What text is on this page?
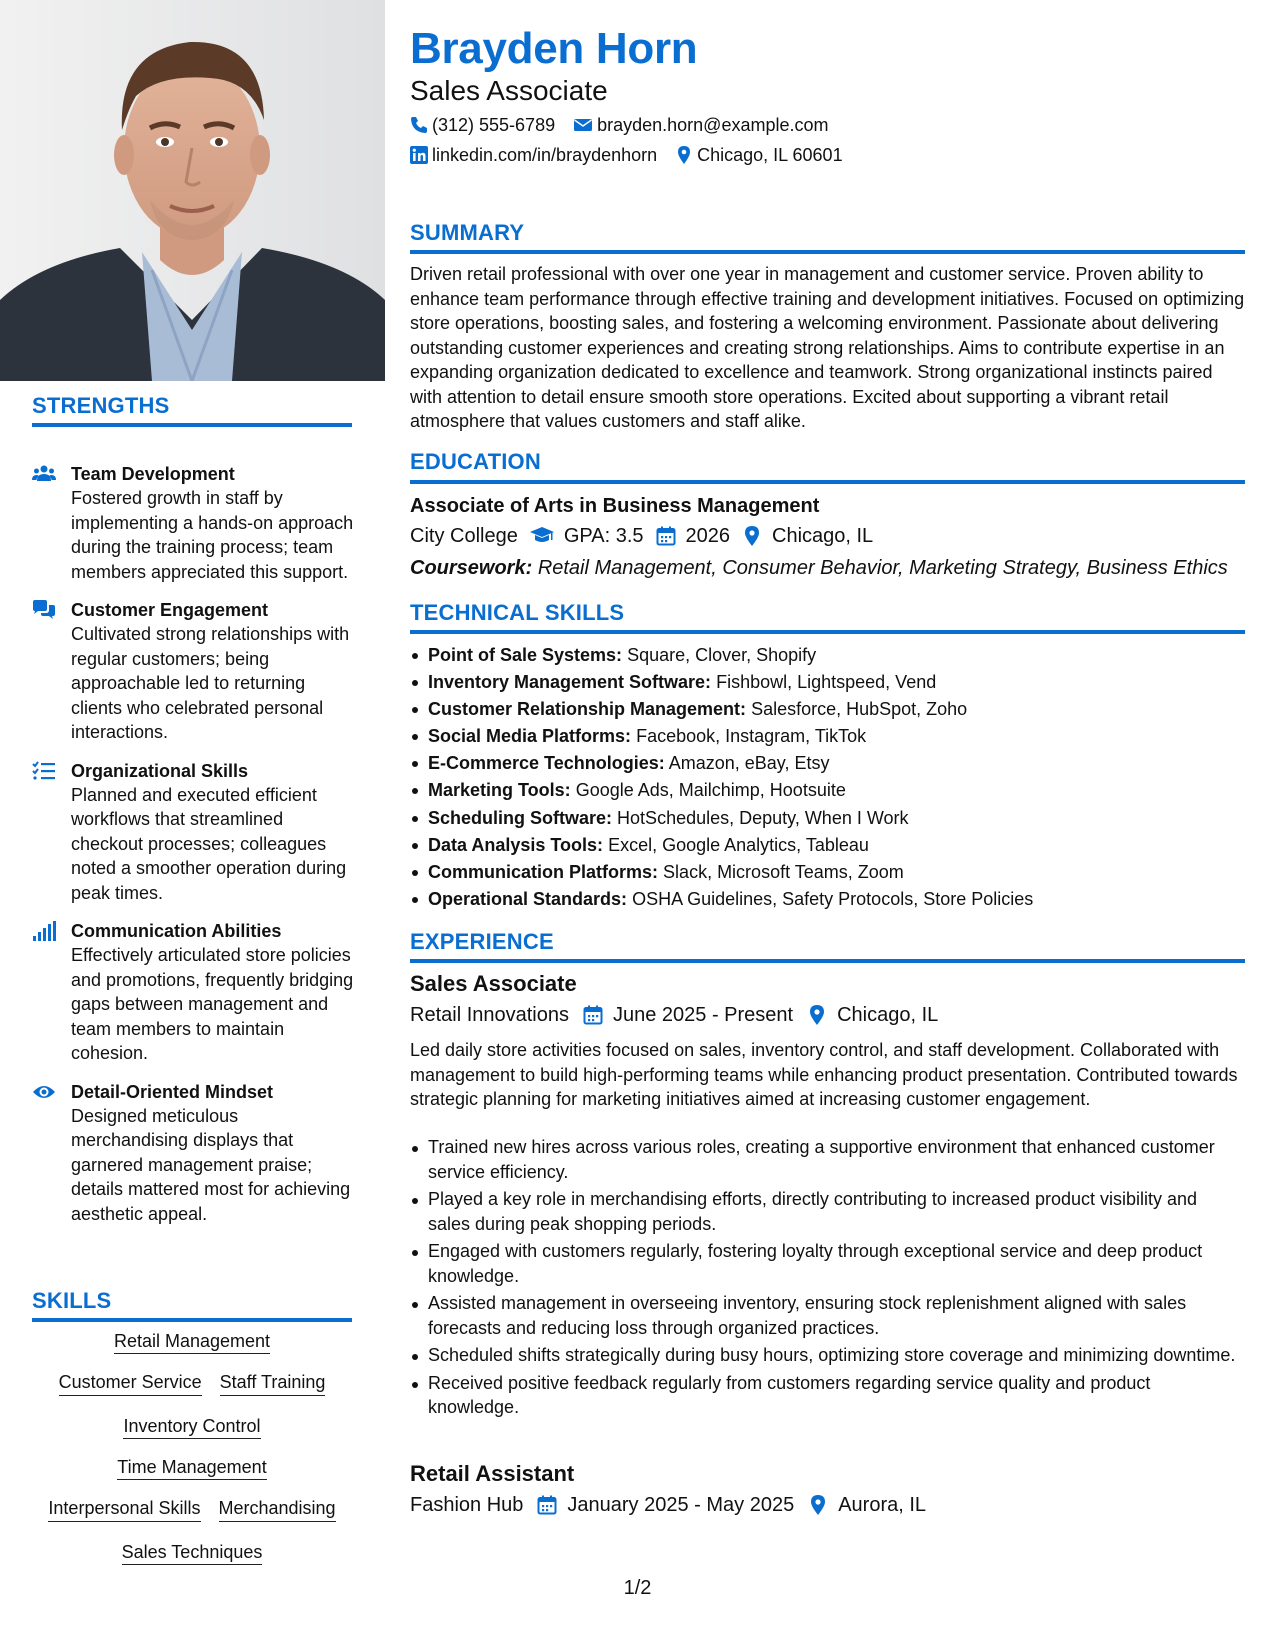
STRENGTHS
Team Development
Fostered growth in staff by implementing a hands-on approach during the training process; team members appreciated this support.
Customer Engagement
Cultivated strong relationships with regular customers; being approachable led to returning clients who celebrated personal interactions.
Organizational Skills
Planned and executed efficient workflows that streamlined checkout processes; colleagues noted a smoother operation during peak times.
Communication Abilities
Effectively articulated store policies and promotions, frequently bridging gaps between management and team members to maintain cohesion.
Detail-Oriented Mindset
Designed meticulous merchandising displays that garnered management praise; details mattered most for achieving aesthetic appeal.
SKILLS
Retail Management
Customer Service Staff Training
Inventory Control
Time Management
Interpersonal Skills Merchandising
Sales Techniques
Brayden Horn
Sales Associate
(312) 555-6789 brayden.horn@example.com
linkedin.com/in/braydenhorn Chicago, IL 60601
SUMMARY
Driven retail professional with over one year in management and customer service. Proven ability to enhance team performance through effective training and development initiatives. Focused on optimizing store operations, boosting sales, and fostering a welcoming environment. Passionate about delivering outstanding customer experiences and creating strong relationships. Aims to contribute expertise in an expanding organization dedicated to excellence and teamwork. Strong organizational instincts paired with attention to detail ensure smooth store operations. Excited about supporting a vibrant retail atmosphere that values customers and staff alike.
EDUCATION
Associate of Arts in Business Management
City College GPA: 3.5 2026 Chicago, IL
Coursework: Retail Management, Consumer Behavior, Marketing Strategy, Business Ethics
TECHNICAL SKILLS
Point of Sale Systems: Square, Clover, Shopify
Inventory Management Software: Fishbowl, Lightspeed, Vend
Customer Relationship Management: Salesforce, HubSpot, Zoho
Social Media Platforms: Facebook, Instagram, TikTok
E-Commerce Technologies: Amazon, eBay, Etsy
Marketing Tools: Google Ads, Mailchimp, Hootsuite
Scheduling Software: HotSchedules, Deputy, When I Work
Data Analysis Tools: Excel, Google Analytics, Tableau
Communication Platforms: Slack, Microsoft Teams, Zoom
Operational Standards: OSHA Guidelines, Safety Protocols, Store Policies
EXPERIENCE
Sales Associate
Retail Innovations June 2025 - Present Chicago, IL
Led daily store activities focused on sales, inventory control, and staff development. Collaborated with management to build high-performing teams while enhancing product presentation. Contributed towards strategic planning for marketing initiatives aimed at increasing customer engagement.
Trained new hires across various roles, creating a supportive environment that enhanced customer service efficiency.
Played a key role in merchandising efforts, directly contributing to increased product visibility and sales during peak shopping periods.
Engaged with customers regularly, fostering loyalty through exceptional service and deep product knowledge.
Assisted management in overseeing inventory, ensuring stock replenishment aligned with sales forecasts and reducing loss through organized practices.
Scheduled shifts strategically during busy hours, optimizing store coverage and minimizing downtime.
Received positive feedback regularly from customers regarding service quality and product knowledge.
Retail Assistant
Fashion Hub January 2025 - May 2025 Aurora, IL
1/2
